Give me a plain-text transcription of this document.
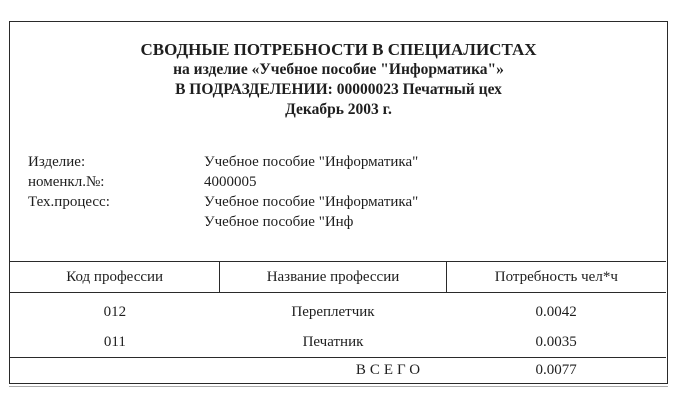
СВОДНЫЕ ПОТРЕБНОСТИ В СПЕЦИАЛИСТАХ
на изделие «Учебное пособие "Информатика"»
В ПОДРАЗДЕЛЕНИИ: 00000023 Печатный цех
Декабрь 2003 г.
Изделие:	Учебное пособие "Информатика"
номенкл.№:	4000005
Тех.процесс:	Учебное пособие "Информатика"
Учебное пособие "Инф
Код профессии	Название профессии	Потребность чел*ч
012	Переплетчик	0.0042
011	Печатник	0.0035
	ВСЕГО	0.0077
